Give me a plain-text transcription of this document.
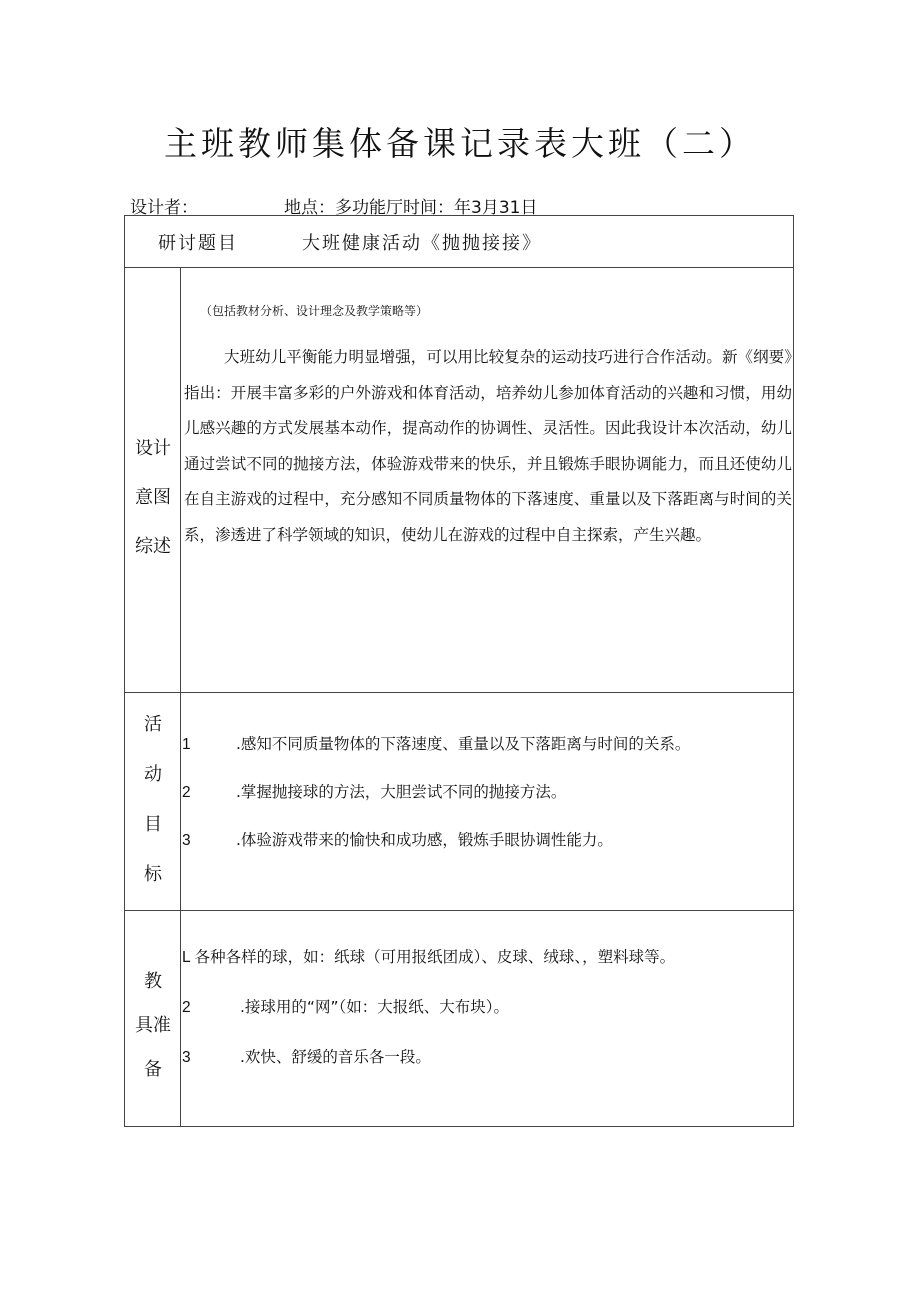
主班教师集体备课记录表大班（二）
设计者：	地点：多功能厅时间：年3月31日
研讨题目	大班健康活动《抛抛接接》
设计
意图
综述
（包括教材分析、设计理念及教学策略等）
大班幼儿平衡能力明显增强，可以用比较复杂的运动技巧进行合作活动。新《纲要》指出：开展丰富多彩的户外游戏和体育活动，培养幼儿参加体育活动的兴趣和习惯，用幼儿感兴趣的方式发展基本动作，提高动作的协调性、灵活性。因此我设计本次活动，幼儿通过尝试不同的抛接方法，体验游戏带来的快乐，并且锻炼手眼协调能力，而且还使幼儿在自主游戏的过程中，充分感知不同质量物体的下落速度、重量以及下落距离与时间的关系，渗透进了科学领域的知识，使幼儿在游戏的过程中自主探索，产生兴趣。
活
动
目
标
1	.感知不同质量物体的下落速度、重量以及下落距离与时间的关系。
2	.掌握抛接球的方法，大胆尝试不同的抛接方法。
3	.体验游戏带来的愉快和成功感，锻炼手眼协调性能力。
教
具准
备
L 各种各样的球，如：纸球（可用报纸团成）、皮球、绒球、，塑料球等。
2	.接球用的“网”（如：大报纸、大布块）。
3	.欢快、舒缓的音乐各一段。
